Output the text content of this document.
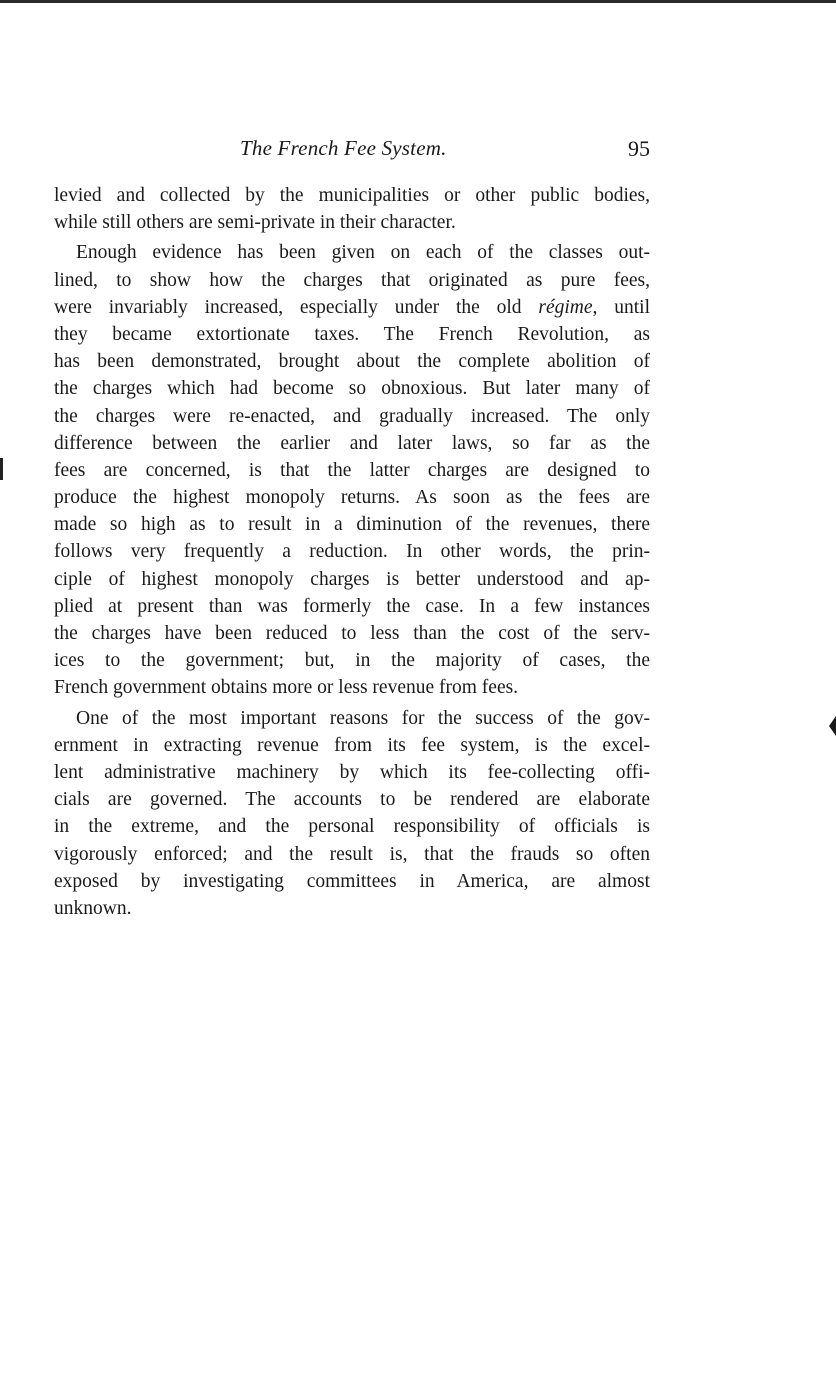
The French Fee System.	95
levied and collected by the municipalities or other public bodies,
while still others are semi-private in their character.
Enough evidence has been given on each of the classes out-
lined, to show how the charges that originated as pure fees,
were invariably increased, especially under the old régime, until
they became extortionate taxes. The French Revolution, as
has been demonstrated, brought about the complete abolition of
the charges which had become so obnoxious. But later many of
the charges were re-enacted, and gradually increased. The only
difference between the earlier and later laws, so far as the
fees are concerned, is that the latter charges are designed to
produce the highest monopoly returns. As soon as the fees are
made so high as to result in a diminution of the revenues, there
follows very frequently a reduction. In other words, the prin-
ciple of highest monopoly charges is better understood and ap-
plied at present than was formerly the case. In a few instances
the charges have been reduced to less than the cost of the serv-
ices to the government; but, in the majority of cases, the
French government obtains more or less revenue from fees.
One of the most important reasons for the success of the gov-
ernment in extracting revenue from its fee system, is the excel-
lent administrative machinery by which its fee-collecting offi-
cials are governed. The accounts to be rendered are elaborate
in the extreme, and the personal responsibility of officials is
vigorously enforced; and the result is, that the frauds so often
exposed by investigating committees in America, are almost
unknown.
